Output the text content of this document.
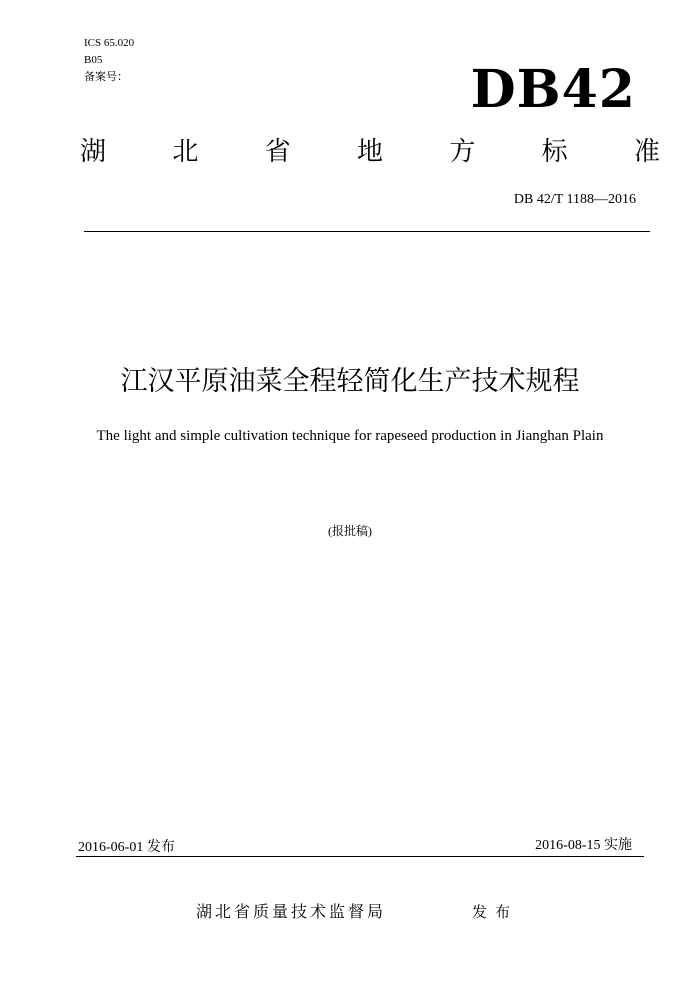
ICS 65.020
B05
备案号：	DB42
湖	北	省	地	方	标	准
DB 42/T 1188—2016
江汉平原油菜全程轻简化生产技术规程
The light and simple cultivation technique for rapeseed production in Jianghan Plain
(报批稿)
2016-06-01 发布	2016-08-15 实施
湖北省质量技术监督局	发布
